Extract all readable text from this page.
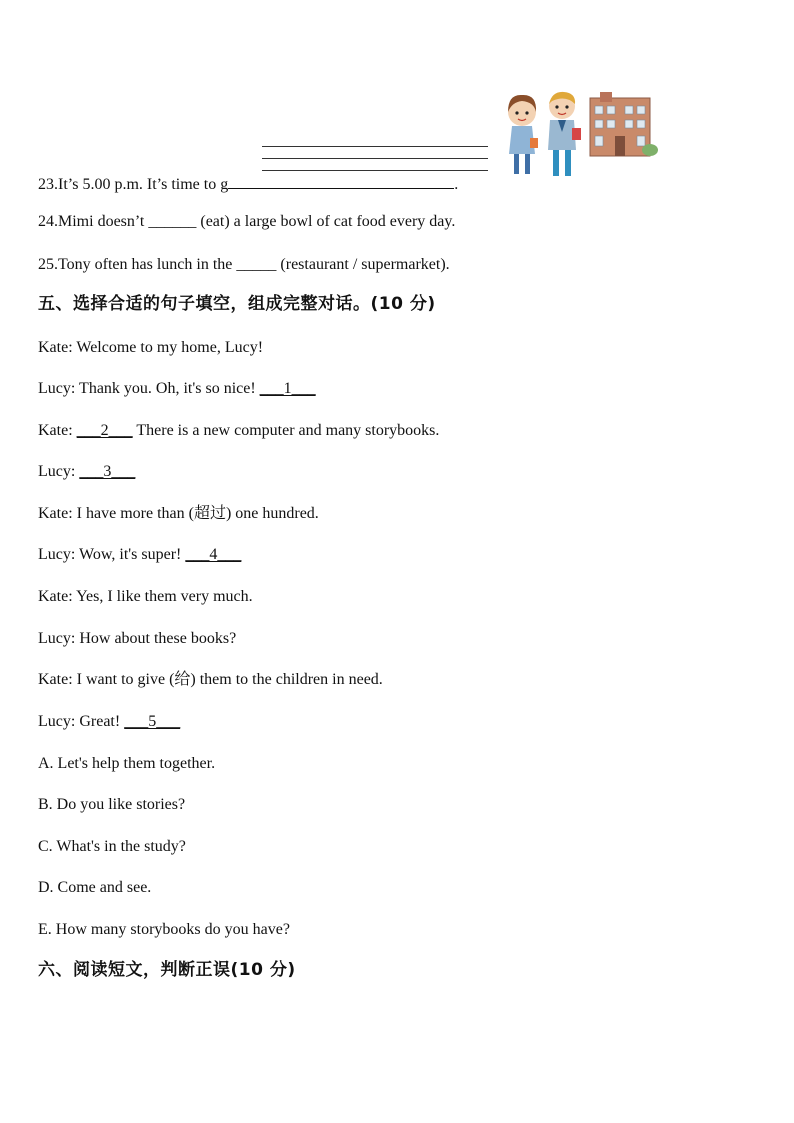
23.It’s 5.00 p.m. It’s time to g	.
24.Mimi doesn’t ______ (eat) a large bowl of cat food every day.
25.Tony often has lunch in the _____ (restaurant / supermarket).
五、选择合适的句子填空，组成完整对话。(10 分)
Kate: Welcome to my home, Lucy!
Lucy: Thank you. Oh, it's so nice! ___1___
Kate: ___2___ There is a new computer and many storybooks.
Lucy: ___3___
Kate: I have more than (超过) one hundred.
Lucy: Wow, it's super! ___4___
Kate: Yes, I like them very much.
Lucy: How about these books?
Kate: I want to give (给) them to the children in need.
Lucy: Great! ___5___
A. Let's help them together.
B. Do you like stories?
C. What's in the study?
D. Come and see.
E. How many storybooks do you have?
六、阅读短文，判断正误(10 分)
